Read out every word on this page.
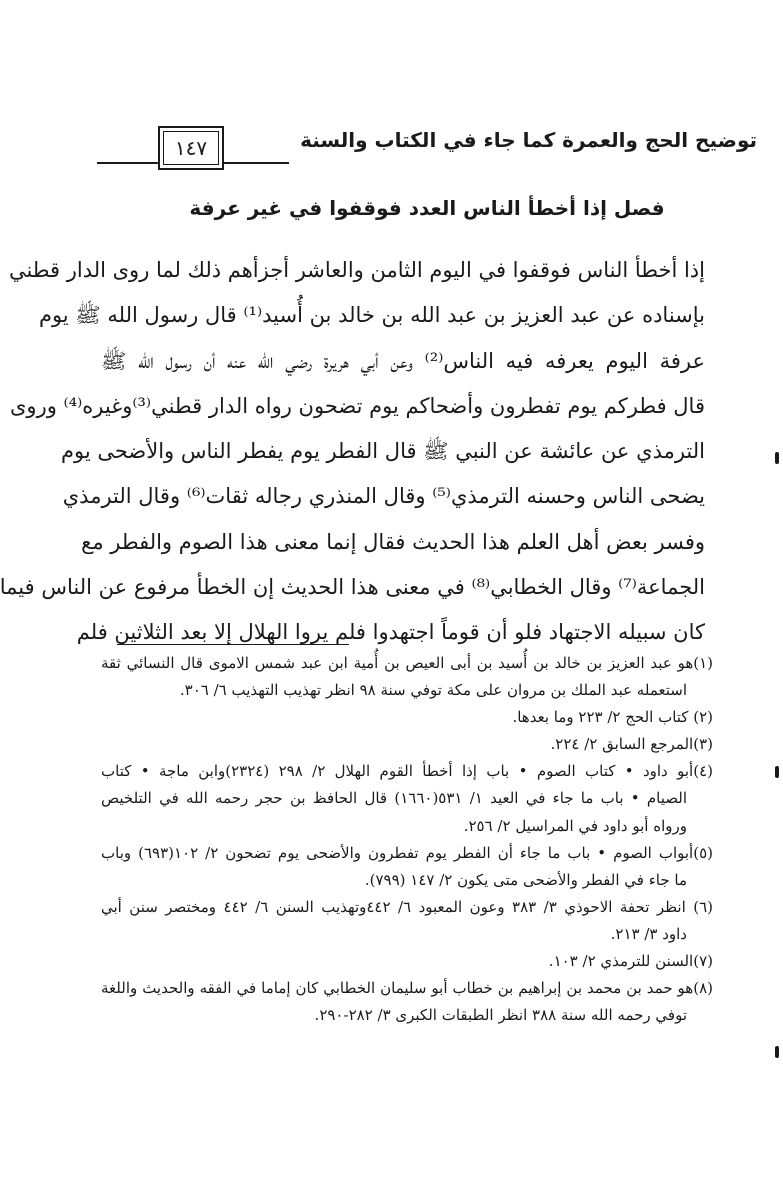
توضيح الحج والعمرة كما جاء في الكتاب والسنة
١٤٧
فصل إذا أخطأ الناس العدد فوقفوا في غير عرفة
إذا أخطأ الناس فوقفوا في اليوم الثامن والعاشر أجزأهم ذلك لما روى الدار قطني
بإسناده عن عبد العزيز بن عبد الله بن خالد بن أُسيد⁽¹⁾ قال رسول الله ﷺ يوم
عرفة اليوم يعرفه فيه الناس⁽²⁾ وعن أبي هريرة رضي الله عنه أن رسول الله ﷺ
قال فطركم يوم تفطرون وأضحاكم يوم تضحون رواه الدار قطني⁽³⁾وغيره⁽⁴⁾ وروى
الترمذي عن عائشة عن النبي ﷺ قال الفطر يوم يفطر الناس والأضحى يوم
يضحى الناس وحسنه الترمذي⁽⁵⁾ وقال المنذري رجاله ثقات⁽⁶⁾ وقال الترمذي
وفسر بعض أهل العلم هذا الحديث فقال إنما معنى هذا الصوم والفطر مع
الجماعة⁽⁷⁾ وقال الخطابي⁽⁸⁾ في معنى هذا الحديث إن الخطأ مرفوع عن الناس فيما
كان سبيله الاجتهاد فلو أن قوماً اجتهدوا فلم يروا الهلال إلا بعد الثلاثين فلم
(١)هو عبد العزيز بن خالد بن أُسيد بن أبى العيص بن أُمية ابن عبد شمس الاموى قال النسائي ثقة
استعمله عبد الملك بن مروان على مكة توفي سنة ٩٨ انظر تهذيب التهذيب ٦/ ٣٠٦.
(٢) كتاب الحج ٢/ ٢٢٣ وما بعدها.
(٣)المرجع السابق ٢/ ٢٢٤.
(٤)أبو داود • كتاب الصوم • باب إذا أخطأ القوم الهلال ٢/ ٢٩٨ (٢٣٢٤)وابن ماجة • كتاب
الصيام • باب ما جاء في العيد ١/ ٥٣١(١٦٦٠) قال الحافظ بن حجر رحمه الله في التلخيص
ورواه أبو داود في المراسيل ٢/ ٢٥٦.
(٥)أبواب الصوم • باب ما جاء أن الفطر يوم تفطرون والأضحى يوم تضحون ٢/ ١٠٢(٦٩٣) وباب
ما جاء في الفطر والأضحى متى يكون ٢/ ١٤٧ (٧٩٩).
(٦) انظر تحفة الاحوذي ٣/ ٣٨٣ وعون المعبود ٦/ ٤٤٢وتهذيب السنن ٦/ ٤٤٢ ومختصر سنن أبي
داود ٣/ ٢١٣.
(٧)السنن للترمذي ٢/ ١٠٣.
(٨)هو حمد بن محمد بن إبراهيم بن خطاب أبو سليمان الخطابي كان إماما في الفقه والحديث واللغة
توفي رحمه الله سنة ٣٨٨ انظر الطبقات الكبرى ٣/ ٢٨٢-٢٩٠.
